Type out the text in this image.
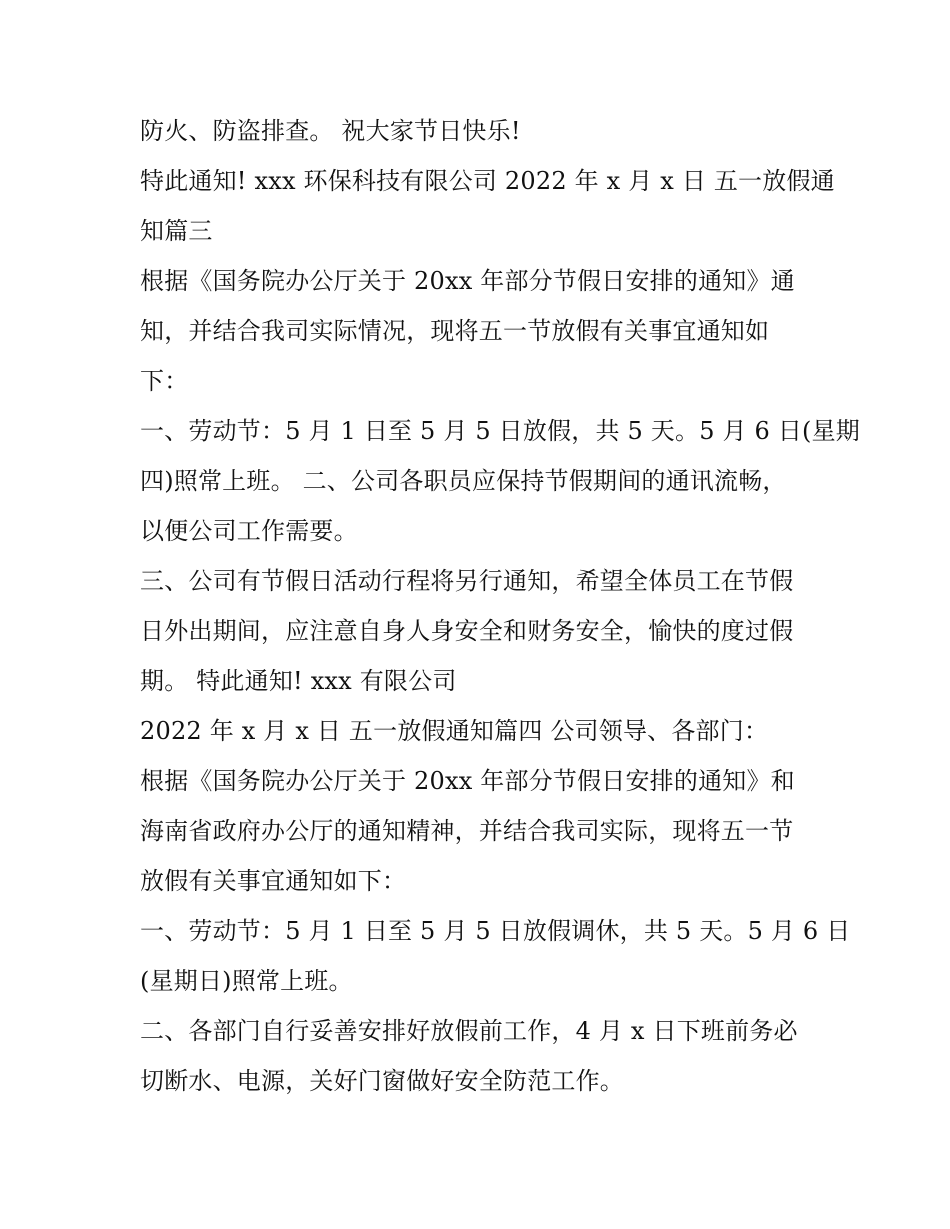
防火、防盗排查。 祝大家节日快乐!
特此通知! xxx 环保科技有限公司 2022 年 x 月 x 日 五一放假通
知篇三
根据《国务院办公厅关于 20xx 年部分节假日安排的通知》通
知，并结合我司实际情况，现将五一节放假有关事宜通知如
下：
一、劳动节：5 月 1 日至 5 月 5 日放假，共 5 天。5 月 6 日(星期
四)照常上班。 二、公司各职员应保持节假期间的通讯流畅，
以便公司工作需要。
三、公司有节假日活动行程将另行通知，希望全体员工在节假
日外出期间，应注意自身人身安全和财务安全，愉快的度过假
期。 特此通知! xxx 有限公司
2022 年 x 月 x 日 五一放假通知篇四 公司领导、各部门：
根据《国务院办公厅关于 20xx 年部分节假日安排的通知》和
海南省政府办公厅的通知精神，并结合我司实际，现将五一节
放假有关事宜通知如下：
一、劳动节：5 月 1 日至 5 月 5 日放假调休，共 5 天。5 月 6 日
(星期日)照常上班。
二、各部门自行妥善安排好放假前工作，4 月 x 日下班前务必
切断水、电源，关好门窗做好安全防范工作。
